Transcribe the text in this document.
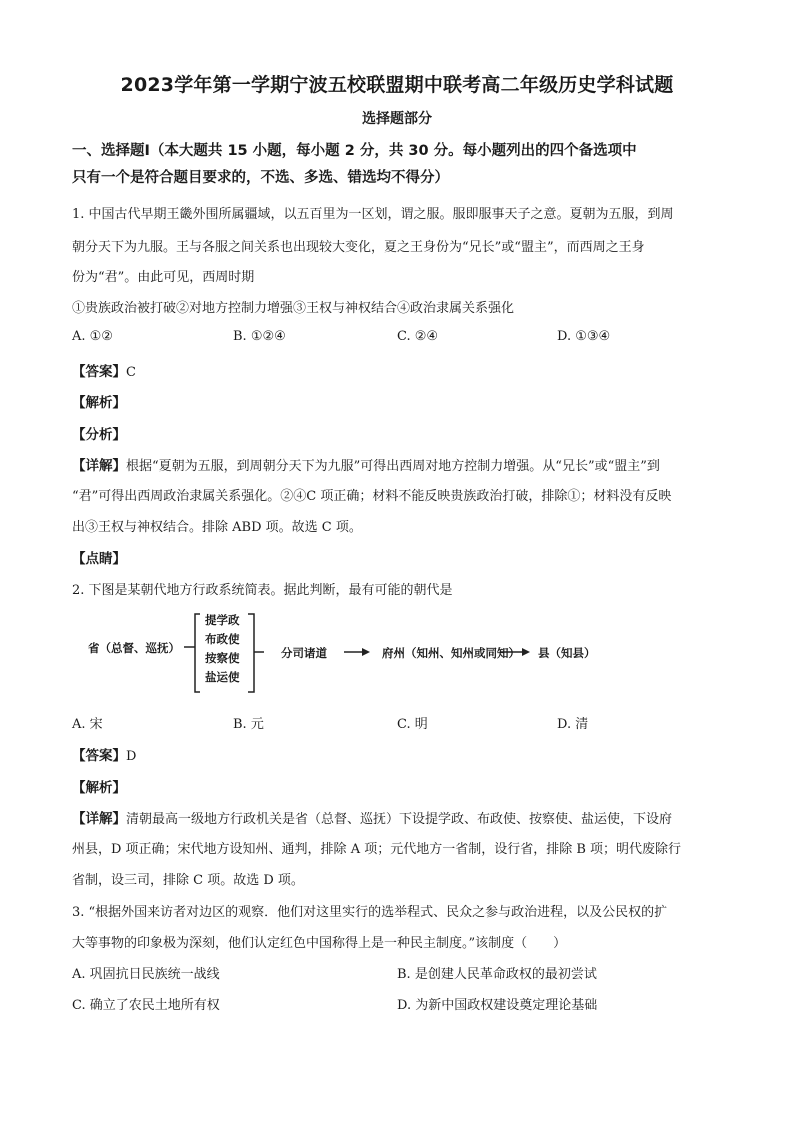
2023学年第一学期宁波五校联盟期中联考高二年级历史学科试题
选择题部分
一、选择题Ⅰ（本大题共 15 小题，每小题 2 分，共 30 分。每小题列出的四个备选项中
只有一个是符合题目要求的，不选、多选、错选均不得分）
1. 中国古代早期王畿外围所属疆域，以五百里为一区划，谓之服。服即服事天子之意。夏朝为五服，到周
朝分天下为九服。王与各服之间关系也出现较大变化，夏之王身份为“兄长”或“盟主”，而西周之王身
份为“君”。由此可见，西周时期
①贵族政治被打破②对地方控制力增强③王权与神权结合④政治隶属关系强化
A. ①②	B. ①②④	C. ②④	D. ①③④
【答案】C
【解析】
【分析】
【详解】根据“夏朝为五服，到周朝分天下为九服”可得出西周对地方控制力增强。从“兄长”或“盟主”到
“君”可得出西周政治隶属关系强化。②④C 项正确；材料不能反映贵族政治打破，排除①；材料没有反映
出③王权与神权结合。排除 ABD 项。故选 C 项。
【点睛】
2. 下图是某朝代地方行政系统简表。据此判断，最有可能的朝代是
省（总督、巡抚）
提学政
布政使
按察使
盐运使
分司诸道	府州（知州、知州或同知） 县（知县）
A. 宋	B. 元	C. 明	D. 清
【答案】D
【解析】
【详解】清朝最高一级地方行政机关是省（总督、巡抚）下设提学政、布政使、按察使、盐运使，下设府
州县，D 项正确；宋代地方设知州、通判，排除 A 项；元代地方一省制，设行省，排除 B 项；明代废除行
省制，设三司，排除 C 项。故选 D 项。
3. “根据外国来访者对边区的观察．他们对这里实行的选举程式、民众之参与政治进程，以及公民权的扩
大等事物的印象极为深刻，他们认定红色中国称得上是一种民主制度。”该制度（　　）
A. 巩固抗日民族统一战线	B. 是创建人民革命政权的最初尝试
C. 确立了农民土地所有权	D. 为新中国政权建设奠定理论基础
